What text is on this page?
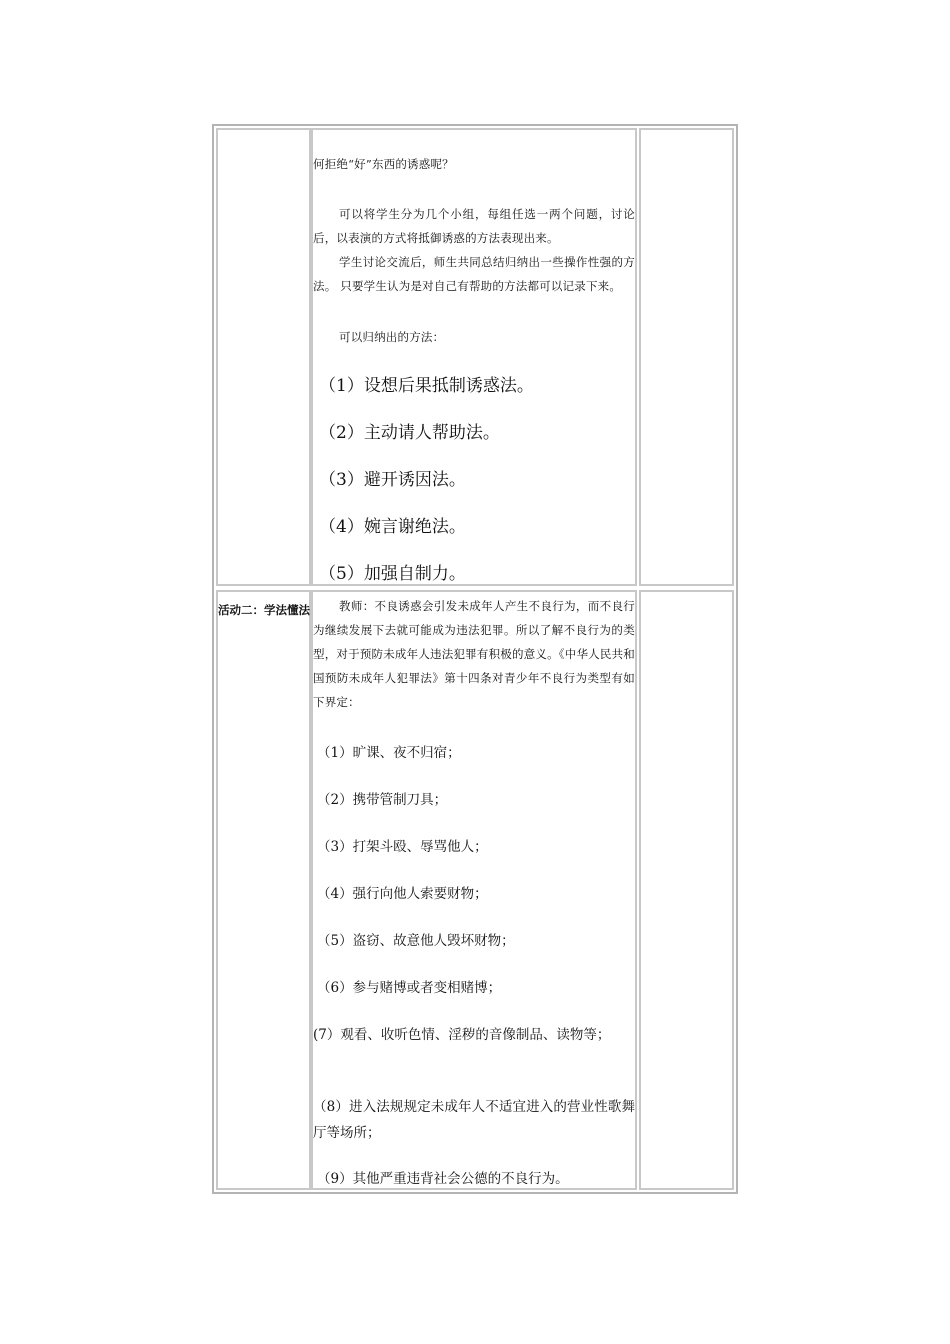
何拒绝“好”东西的诱惑呢？
可以将学生分为几个小组，每组任选一两个问题，讨论后，以表演的方式将抵御诱惑的方法表现出来。
学生讨论交流后，师生共同总结归纳出一些操作性强的方法。 只要学生认为是对自己有帮助的方法都可以记录下来。
可以归纳出的方法：
（1）设想后果抵制诱惑法。
（2）主动请人帮助法。
（3）避开诱因法。
（4）婉言谢绝法。
（5）加强自制力。
活动二：学法懂法	教师：不良诱惑会引发未成年人产生不良行为，而不良行为继续发展下去就可能成为违法犯罪。所以了解不良行为的类型，对于预防未成年人违法犯罪有积极的意义。《中华人民共和国预防未成年人犯罪法》第十四条对青少年不良行为类型有如下界定：
（1）旷课、夜不归宿；
（2）携带管制刀具；
（3）打架斗殴、辱骂他人；
（4）强行向他人索要财物；
（5）盗窃、故意他人毁坏财物；
（6）参与赌博或者变相赌博；
(7）观看、收听色情、淫秽的音像制品、读物等；
（8）进入法规规定未成年人不适宜进入的营业性歌舞厅等场所；
（9）其他严重违背社会公德的不良行为。
